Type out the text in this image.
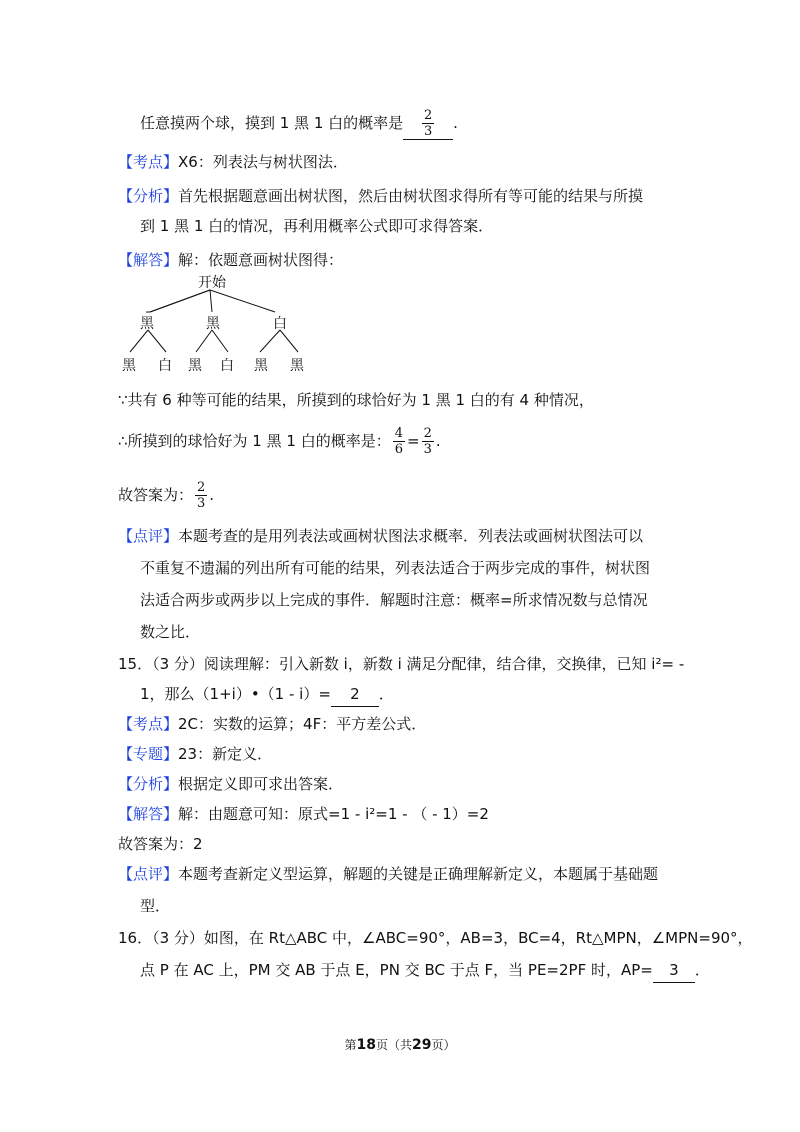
任意摸两个球，摸到 1 黑 1 白的概率是 $\frac{2}{3}$ .
【考点】X6：列表法与树状图法．
【分析】首先根据题意画出树状图，然后由树状图求得所有等可能的结果与所摸
到 1 黑 1 白的情况，再利用概率公式即可求得答案．
【解答】解：依题意画树状图得：
开始
黑	黑	白
黑 白 黑 白 黑 黑
∵共有 6 种等可能的结果，所摸到的球恰好为 1 黑 1 白的有 4 种情况，
∴所摸到的球恰好为 1 黑 1 白的概率是： $\frac{4}{6} = \frac{2}{3}$ .
故答案为： $\frac{2}{3}$ .
【点评】本题考查的是用列表法或画树状图法求概率．列表法或画树状图法可以
不重复不遗漏的列出所有可能的结果，列表法适合于两步完成的事件，树状图
法适合两步或两步以上完成的事件．解题时注意：概率=所求情况数与总情况
数之比．
15．（3 分）阅读理解：引入新数 i，新数 i 满足分配律，结合律，交换律，已知 i²= ‑
1，那么（1+i）•（1 ‑ i）= 2 ．
【考点】2C：实数的运算；4F：平方差公式．
【专题】23：新定义．
【分析】根据定义即可求出答案．
【解答】解：由题意可知：原式=1 ‑ i²=1 ‑ （ ‑ 1）=2
故答案为：2
【点评】本题考查新定义型运算，解题的关键是正确理解新定义，本题属于基础题
型．
16．（3 分）如图，在 Rt△ABC 中，∠ABC=90°，AB=3，BC=4，Rt△MPN，∠MPN=90°，
点 P 在 AC 上，PM 交 AB 于点 E，PN 交 BC 于点 F，当 PE=2PF 时，AP= 3 ．
第18页（共29页）
